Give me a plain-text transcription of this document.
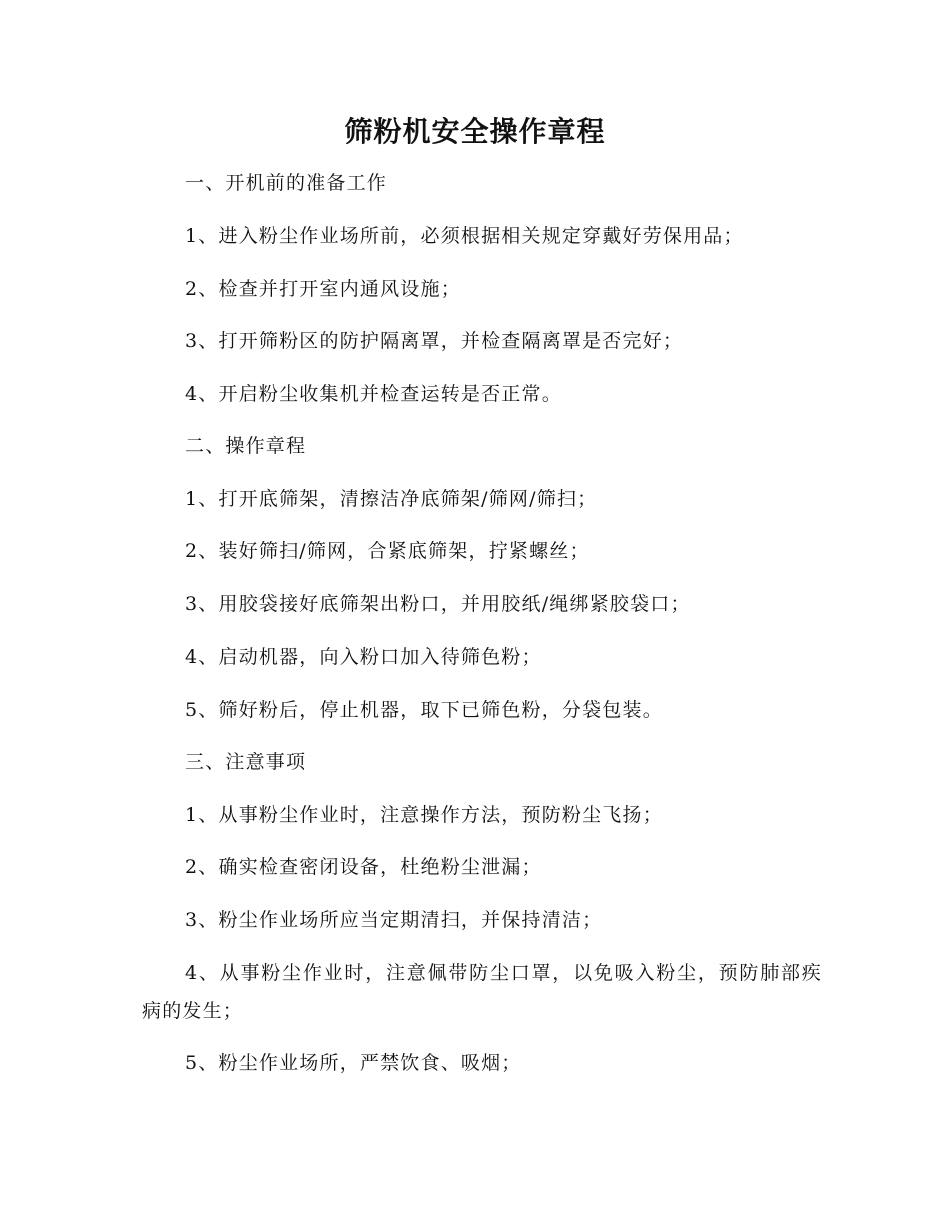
筛粉机安全操作章程

一、开机前的准备工作

1、进入粉尘作业场所前，必须根据相关规定穿戴好劳保用品；

2、检查并打开室内通风设施；

3、打开筛粉区的防护隔离罩，并检查隔离罩是否完好；

4、开启粉尘收集机并检查运转是否正常。

二、操作章程

1、打开底筛架，清擦洁净底筛架/筛网/筛扫；

2、装好筛扫/筛网，合紧底筛架，拧紧螺丝；

3、用胶袋接好底筛架出粉口，并用胶纸/绳绑紧胶袋口；

4、启动机器，向入粉口加入待筛色粉；

5、筛好粉后，停止机器，取下已筛色粉，分袋包装。

三、注意事项

1、从事粉尘作业时，注意操作方法，预防粉尘飞扬；

2、确实检查密闭设备，杜绝粉尘泄漏；

3、粉尘作业场所应当定期清扫，并保持清洁；

4、从事粉尘作业时，注意佩带防尘口罩，以免吸入粉尘，预防肺部疾病的发生；

5、粉尘作业场所，严禁饮食、吸烟；
